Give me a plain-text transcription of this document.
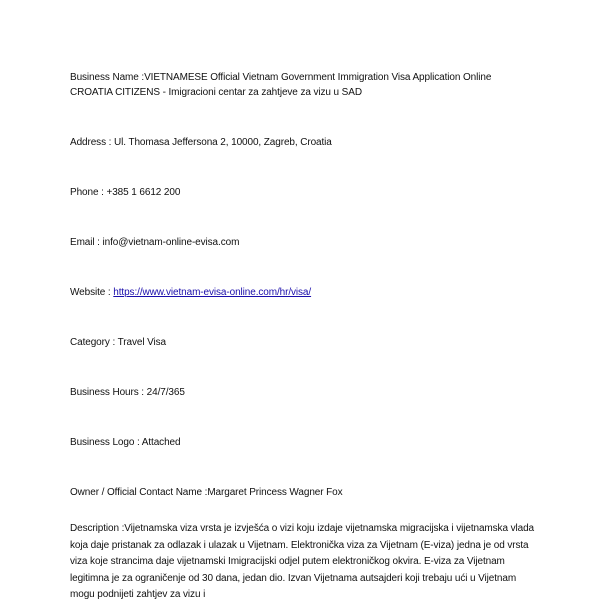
Business Name :VIETNAMESE Official Vietnam Government Immigration Visa Application Online
CROATIA CITIZENS - Imigracioni centar za zahtjeve za vizu u SAD
Address : Ul. Thomasa Jeffersona 2, 10000, Zagreb, Croatia
Phone : +385 1 6612 200
Email : info@vietnam-online-evisa.com
Website : https://www.vietnam-evisa-online.com/hr/visa/
Category : Travel Visa
Business Hours : 24/7/365
Business Logo : Attached
Owner / Official Contact Name :Margaret Princess Wagner Fox
Description :Vijetnamska viza vrsta je izvješća o vizi koju izdaje vijetnamska migracijska i vijetnamska vlada koja daje pristanak za odlazak i ulazak u Vijetnam. Elektronička viza za Vijetnam (E-viza) jedna je od vrsta viza koje strancima daje vijetnamski Imigracijski odjel putem elektroničkog okvira. E-viza za Vijetnam legitimna je za ograničenje od 30 dana, jedan dio. Izvan Vijetnama autsajderi koji trebaju ući u Vijetnam mogu podnijeti zahtjev za vizu i
